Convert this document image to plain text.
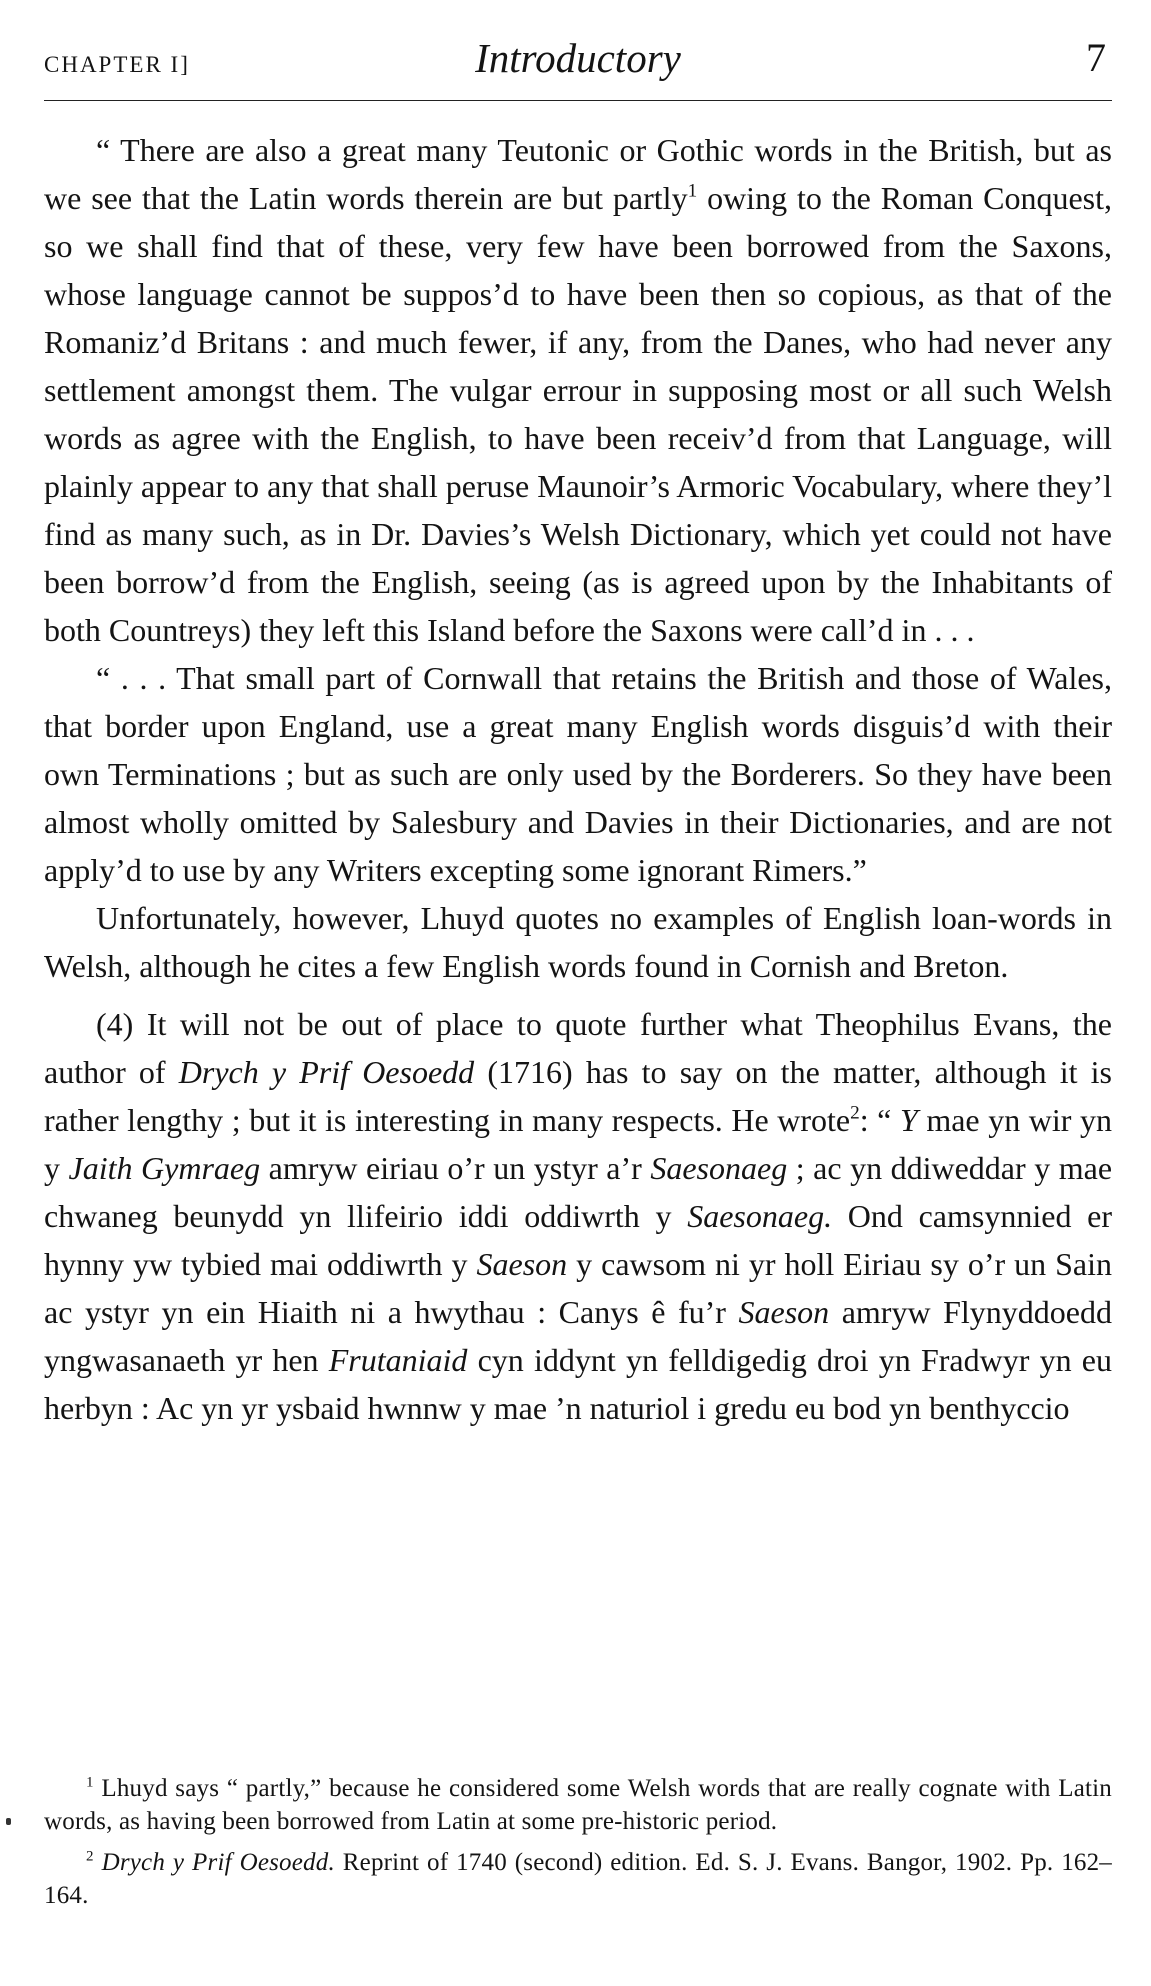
CHAPTER I]	Introductory	7

“ There are also a great many Teutonic or Gothic words in the British, but as we see that the Latin words therein are but partly$^1$ owing to the Roman Conquest, so we shall find that of these, very few have been borrowed from the Saxons, whose language cannot be suppos’d to have been then so copious, as that of the Romaniz’d Britans : and much fewer, if any, from the Danes, who had never any settlement amongst them. The vulgar errour in supposing most or all such Welsh words as agree with the English, to have been receiv’d from that Language, will plainly appear to any that shall peruse Maunoir’s Armoric Vocabulary, where they’l find as many such, as in Dr. Davies’s Welsh Dictionary, which yet could not have been borrow’d from the English, seeing (as is agreed upon by the Inhabitants of both Countreys) they left this Island before the Saxons were call’d in . . .

“ . . . That small part of Cornwall that retains the British and those of Wales, that border upon England, use a great many English words disguis’d with their own Terminations ; but as such are only used by the Borderers. So they have been almost wholly omitted by Salesbury and Davies in their Dictionaries, and are not apply’d to use by any Writers excepting some ignorant Rimers.”

Unfortunately, however, Lhuyd quotes no examples of English loan-words in Welsh, although he cites a few English words found in Cornish and Breton.

(4) It will not be out of place to quote further what Theophilus Evans, the author of Drych y Prif Oesoedd (1716) has to say on the matter, although it is rather lengthy ; but it is interesting in many respects. He wrote$^2$: “ Y mae yn wir yn y Jaith Gymraeg amryw eiriau o’r un ystyr a’r Saesonaeg ; ac yn ddiweddar y mae chwaneg beunydd yn llifeirio iddi oddiwrth y Saesonaeg. Ond camsynnied er hynny yw tybied mai oddiwrth y Saeson y cawsom ni yr holl Eiriau sy o’r un Sain ac ystyr yn ein Hiaith ni a hwythau : Canys ê fu’r Saeson amryw Flynyddoedd yngwasanaeth yr hen Frutaniaid cyn iddynt yn felldigedig droi yn Fradwyr yn eu herbyn : Ac yn yr ysbaid hwnnw y mae ’n naturiol i gredu eu bod yn benthyccio

$^1$ Lhuyd says “ partly,” because he considered some Welsh words that are really cognate with Latin words, as having been borrowed from Latin at some pre-historic period.

$^2$ Drych y Prif Oesoedd. Reprint of 1740 (second) edition. Ed. S. J. Evans. Bangor, 1902. Pp. 162–164.
